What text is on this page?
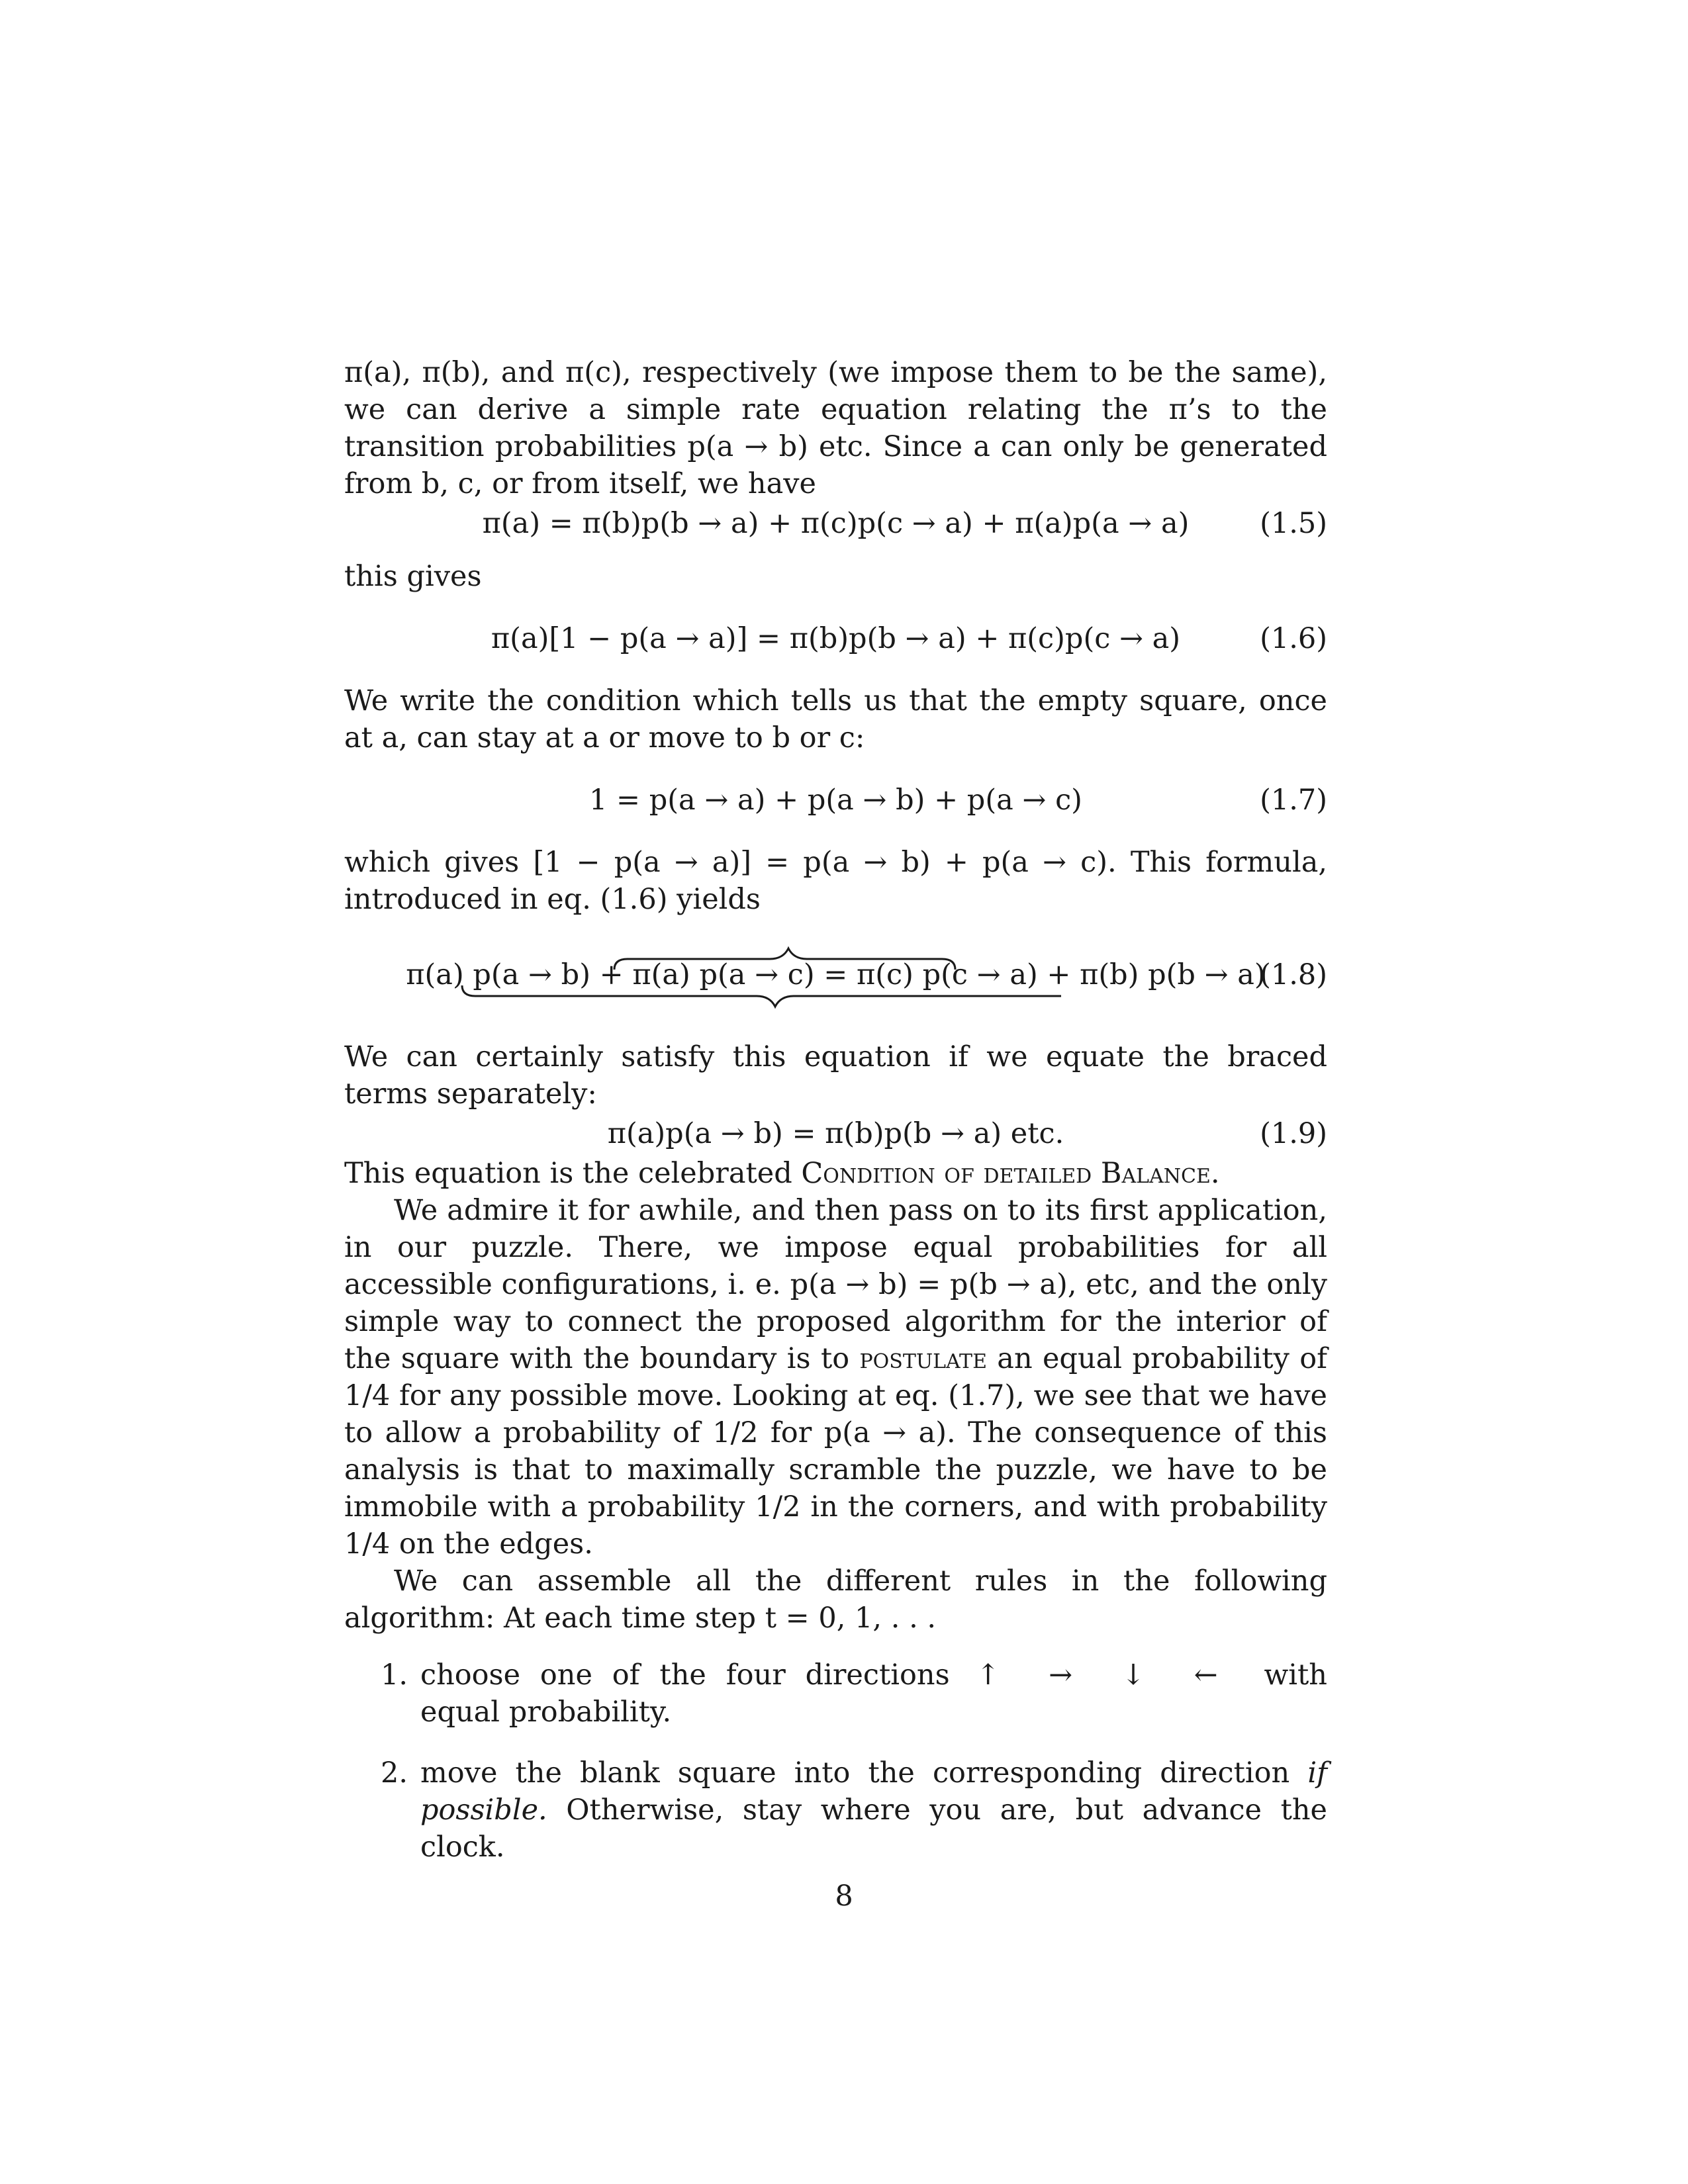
π(a), π(b), and π(c), respectively (we impose them to be the same), we can derive a simple rate equation relating the π’s to the transition probabilities p(a → b) etc. Since a can only be generated from b, c, or from itself, we have

π(a) = π(b)p(b → a) + π(c)p(c → a) + π(a)p(a → a) (1.5)

this gives

π(a)[1 − p(a → a)] = π(b)p(b → a) + π(c)p(c → a)	(1.6)

We write the condition which tells us that the empty square, once at a, can stay at a or move to b or c:

1 = p(a → a) + p(a → b) + p(a → c)	(1.7)

which gives [1 − p(a → a)] = p(a → b) + p(a → c). This formula, introduced in eq. (1.6) yields

π(a) p(a → b) + π(a) p(a → c) = π(c) p(c → a) + π(b) p(b → a)
(1.8)

We can certainly satisfy this equation if we equate the braced terms separately:

π(a)p(a → b) = π(b)p(b → a) etc.	(1.9)

This equation is the celebrated Condition of detailed Balance.

We admire it for awhile, and then pass on to its first application, in our puzzle. There, we impose equal probabilities for all accessible configurations, i. e. p(a → b) = p(b → a), etc, and the only simple way to connect the proposed algorithm for the interior of the square with the boundary is to postulate an equal probability of 1/4 for any possible move. Looking at eq. (1.7), we see that we have to allow a probability of 1/2 for p(a → a). The consequence of this analysis is that to maximally scramble the puzzle, we have to be immobile with a probability 1/2 in the corners, and with probability 1/4 on the edges.

We can assemble all the different rules in the following algorithm: At each time step t = 0, 1, . . .

1. choose one of the four directions ↑ → ↓ ← with equal probability.
2. move the blank square into the corresponding direction if possible. Otherwise, stay where you are, but advance the clock.
8
